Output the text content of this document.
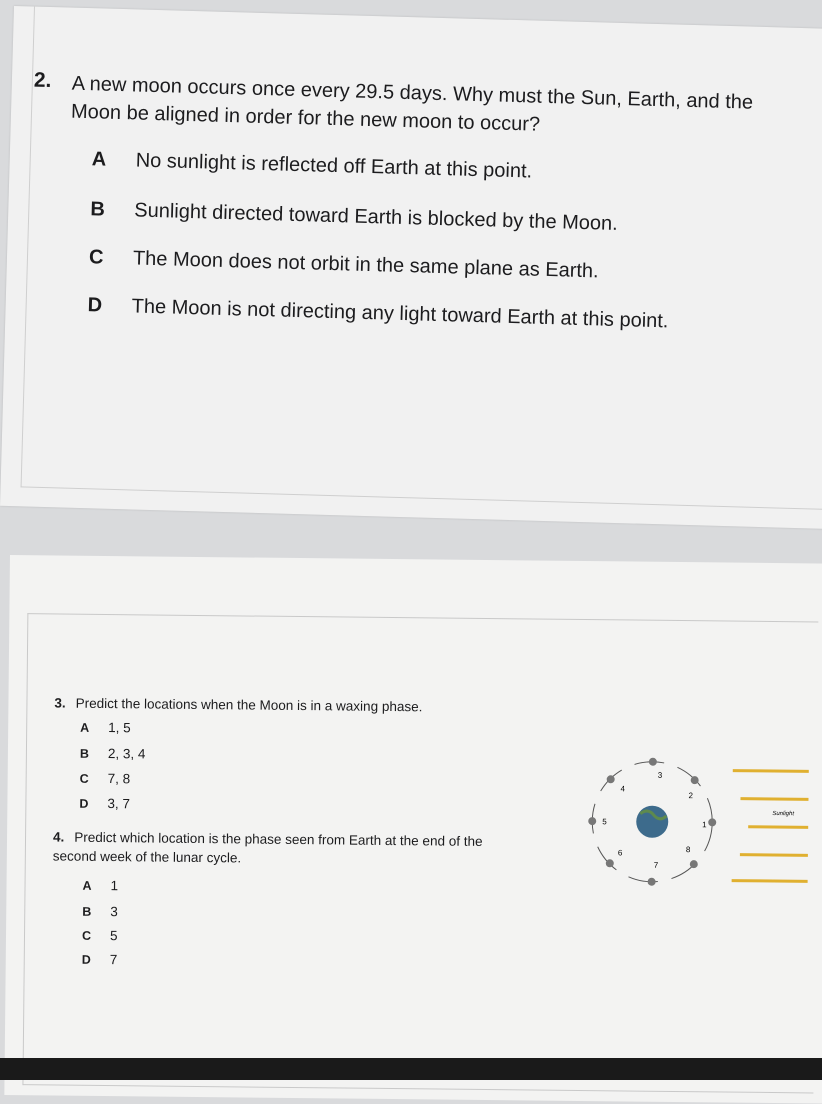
2. A new moon occurs once every 29.5 days. Why must the Sun, Earth, and the Moon be aligned in order for the new moon to occur?
A No sunlight is reflected off Earth at this point.
B Sunlight directed toward Earth is blocked by the Moon.
C The Moon does not orbit in the same plane as Earth.
D The Moon is not directing any light toward Earth at this point.
3. Predict the locations when the Moon is in a waxing phase.
A 1, 5
B 2, 3, 4
C 7, 8
D 3, 7
4. Predict which location is the phase seen from Earth at the end of the second week of the lunar cycle.
A 1
B 3
C 5
D 7
1
2
3
4
5
6
7
8
Sunlight
